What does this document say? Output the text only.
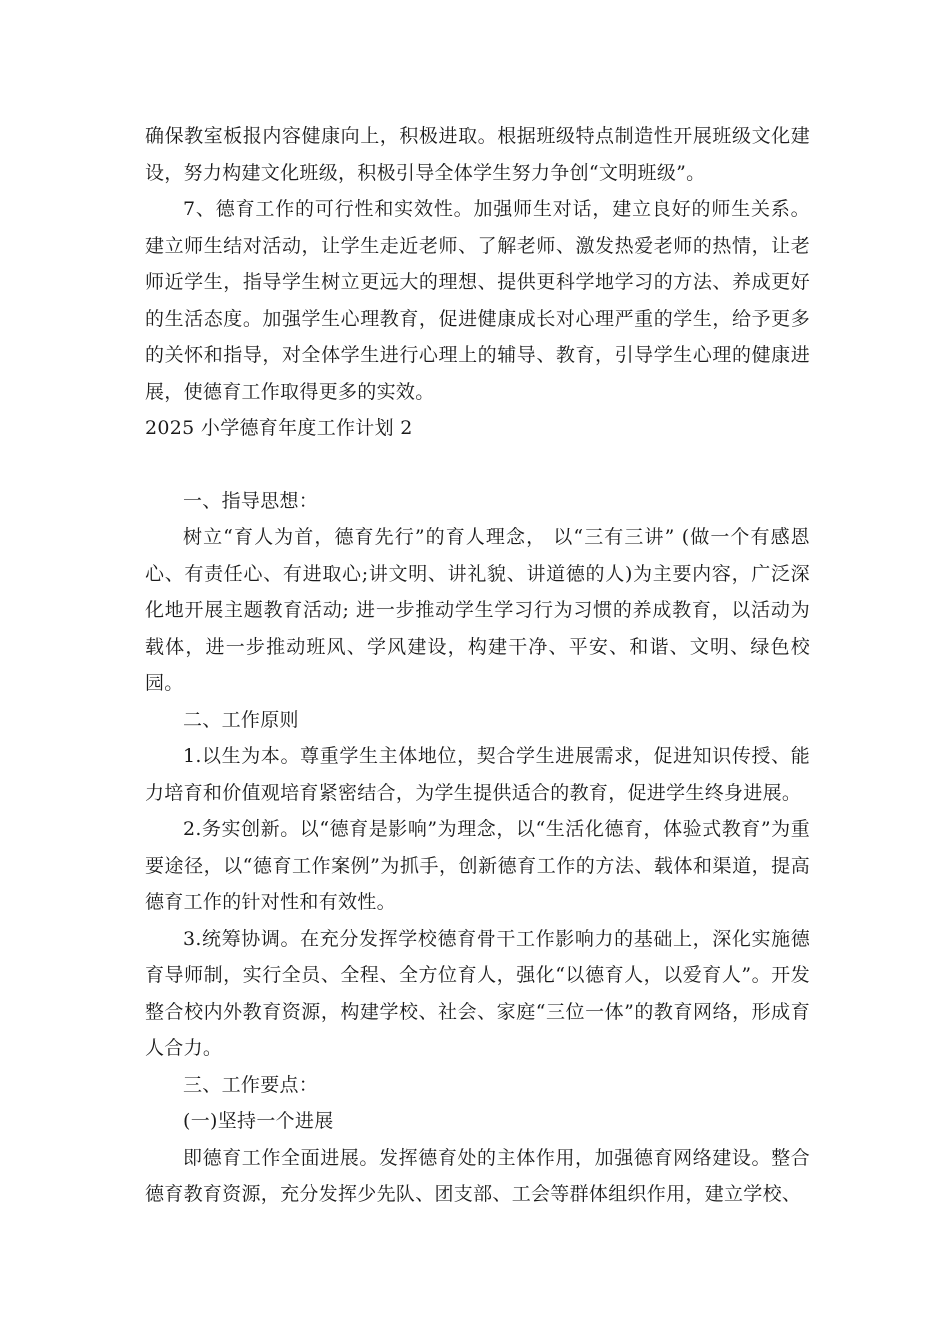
确保教室板报内容健康向上，积极进取。根据班级特点制造性开展班级文化建设，努力构建文化班级，积极引导全体学生努力争创“文明班级”。

7、德育工作的可行性和实效性。加强师生对话，建立良好的师生关系。建立师生结对活动，让学生走近老师、了解老师、激发热爱老师的热情，让老师近学生，指导学生树立更远大的理想、提供更科学地学习的方法、养成更好的生活态度。加强学生心理教育，促进健康成长对心理严重的学生，给予更多的关怀和指导，对全体学生进行心理上的辅导、教育，引导学生心理的健康进展，使德育工作取得更多的实效。

2025 小学德育年度工作计划 2

一、指导思想：

树立“育人为首，德育先行”的育人理念， 以“三有三讲” (做一个有感恩心、有责任心、有进取心;讲文明、讲礼貌、讲道德的人)为主要内容，广泛深化地开展主题教育活动; 进一步推动学生学习行为习惯的养成教育，以活动为载体，进一步推动班风、学风建设，构建干净、平安、和谐、文明、绿色校园。

二、工作原则

1.以生为本。尊重学生主体地位，契合学生进展需求，促进知识传授、能力培育和价值观培育紧密结合，为学生提供适合的教育，促进学生终身进展。

2.务实创新。以“德育是影响”为理念，以“生活化德育，体验式教育”为重要途径，以“德育工作案例”为抓手，创新德育工作的方法、载体和渠道，提高德育工作的针对性和有效性。

3.统筹协调。在充分发挥学校德育骨干工作影响力的基础上，深化实施德育导师制，实行全员、全程、全方位育人，强化“以德育人，以爱育人”。开发整合校内外教育资源，构建学校、社会、家庭“三位一体”的教育网络，形成育人合力。

三、工作要点：

(一)坚持一个进展

即德育工作全面进展。发挥德育处的主体作用，加强德育网络建设。整合德育教育资源，充分发挥少先队、团支部、工会等群体组织作用，建立学校、
